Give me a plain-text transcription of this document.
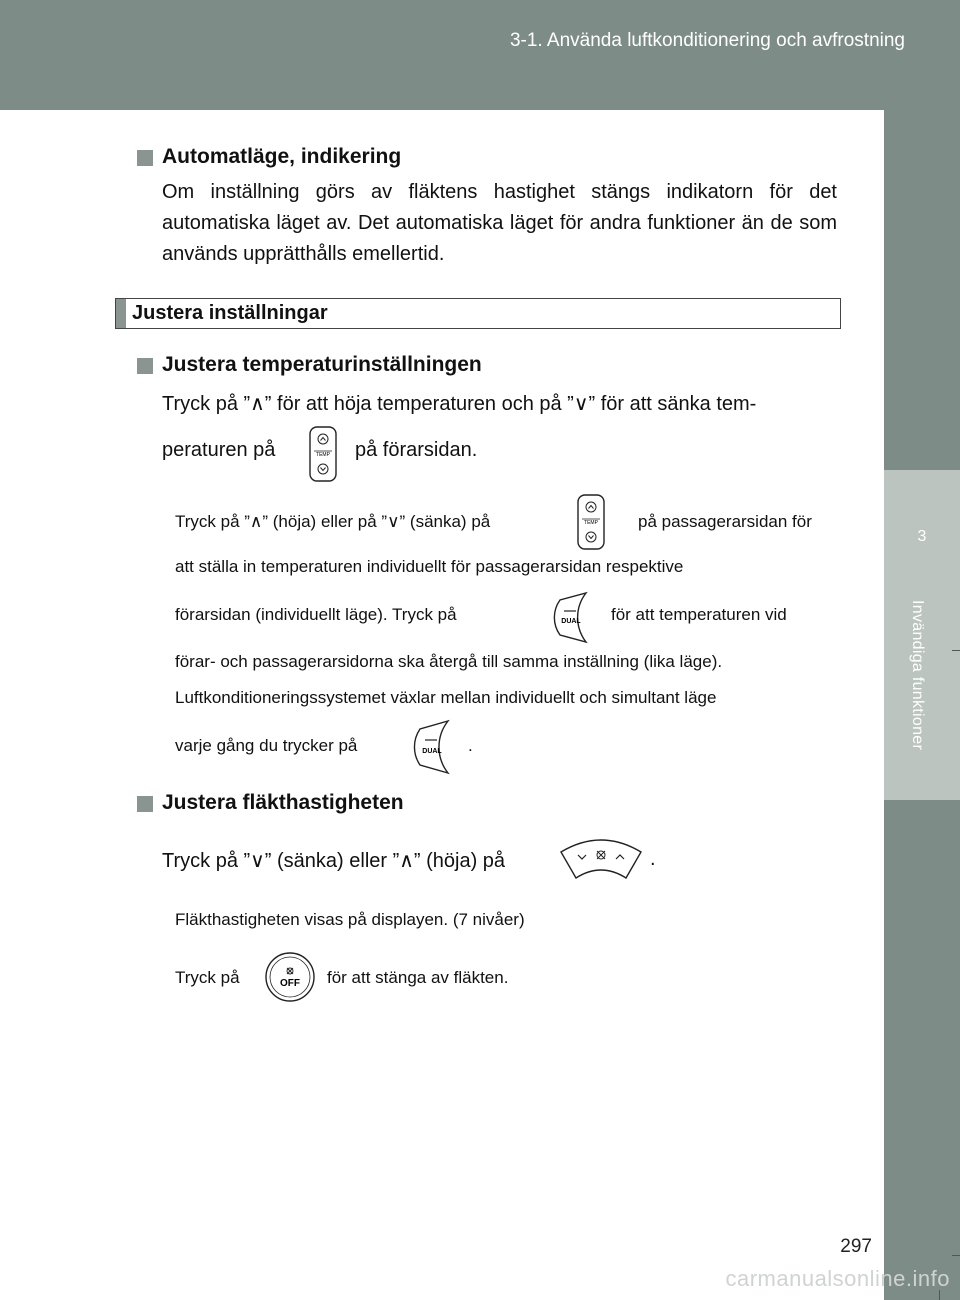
3-1. Använda luftkonditionering och avfrostning
3
Invändiga funktioner
Automatläge, indikering
Om inställning görs av fläktens hastighet stängs indikatorn för det automatiska läget av. Det automatiska läget för andra funktioner än de som används upprätthålls emellertid.
Justera inställningar
Justera temperaturinställningen
Tryck på ”∧” för att höja temperaturen och på ”∨” för att sänka tem-
peraturen på	TEMP på förarsidan.
Tryck på ”∧” (höja) eller på ”∨” (sänka) på	TEMP på passagerarsidan för
att ställa in temperaturen individuellt för passagerarsidan respektive
förarsidan (individuellt läge). Tryck på	DUAL för att temperaturen vid
förar- och passagerarsidorna ska återgå till samma inställning (lika läge).
Luftkonditioneringssystemet växlar mellan individuellt och simultant läge
varje gång du trycker på	DUAL .
Justera fläkthastigheten
Tryck på ”∨” (sänka) eller ”∧” (höja) på	.
Fläkthastigheten visas på displayen. (7 nivåer)
Tryck på	OFF för att stänga av fläkten.
297
carmanualsonline.info
